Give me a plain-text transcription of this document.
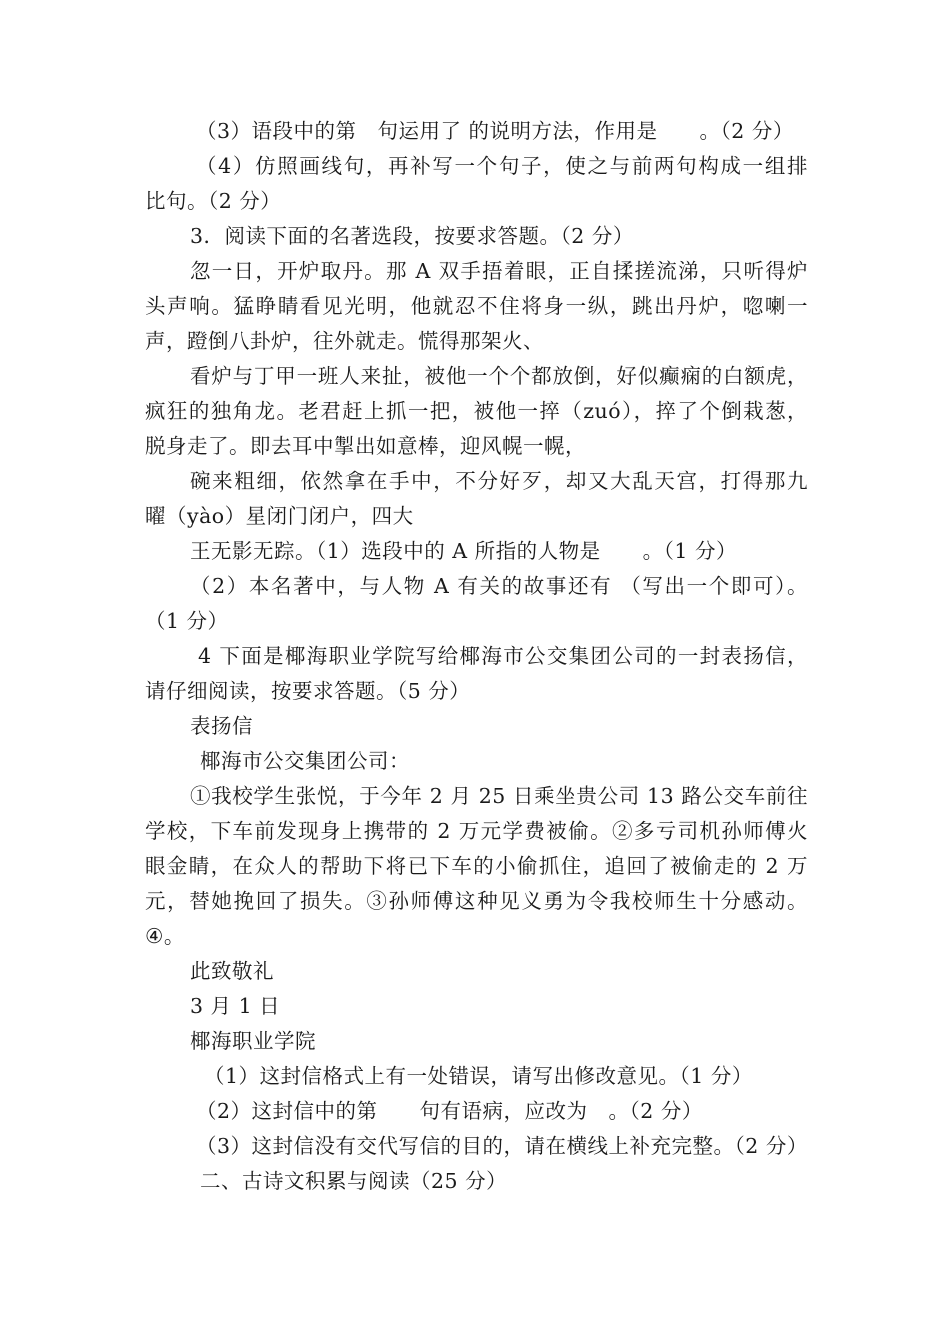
（3）语段中的第　句运用了 的说明方法，作用是　　。（2 分）
（4）仿照画线句，再补写一个句子，使之与前两句构成一组排
比句。（2 分）
3．阅读下面的名著选段，按要求答题。（2 分）
忽一日，开炉取丹。那 A 双手捂着眼，正自揉搓流涕，只听得炉
头声响。猛睁睛看见光明，他就忍不住将身一纵，跳出丹炉，唿喇一
声，蹬倒八卦炉，往外就走。慌得那架火、
看炉与丁甲一班人来扯，被他一个个都放倒，好似癫痫的白额虎，
疯狂的独角龙。老君赶上抓一把，被他一捽（zuó），捽了个倒栽葱，
脱身走了。即去耳中掣出如意棒，迎风幌一幌，
碗来粗细，依然拿在手中，不分好歹，却又大乱天宫，打得那九
曜（yào）星闭门闭户，四大
王无影无踪。（1）选段中的 A 所指的人物是　　。（1 分）
（2）本名著中，与人物 A 有关的故事还有 （写出一个即可）。
（1 分）
4 下面是椰海职业学院写给椰海市公交集团公司的一封表扬信，
请仔细阅读，按要求答题。（5 分）
表扬信
椰海市公交集团公司：
①我校学生张悦，于今年 2 月 25 日乘坐贵公司 13 路公交车前往
学校，下车前发现身上携带的 2 万元学费被偷。②多亏司机孙师傅火
眼金睛，在众人的帮助下将已下车的小偷抓住，追回了被偷走的 2 万
元，替她挽回了损失。③孙师傅这种见义勇为令我校师生十分感动。
④。
此致敬礼
3 月 1 日
椰海职业学院
（1）这封信格式上有一处错误，请写出修改意见。（1 分）
（2）这封信中的第　　句有语病，应改为　。（2 分）
（3）这封信没有交代写信的目的，请在横线上补充完整。（2 分）
二、古诗文积累与阅读（25 分）
